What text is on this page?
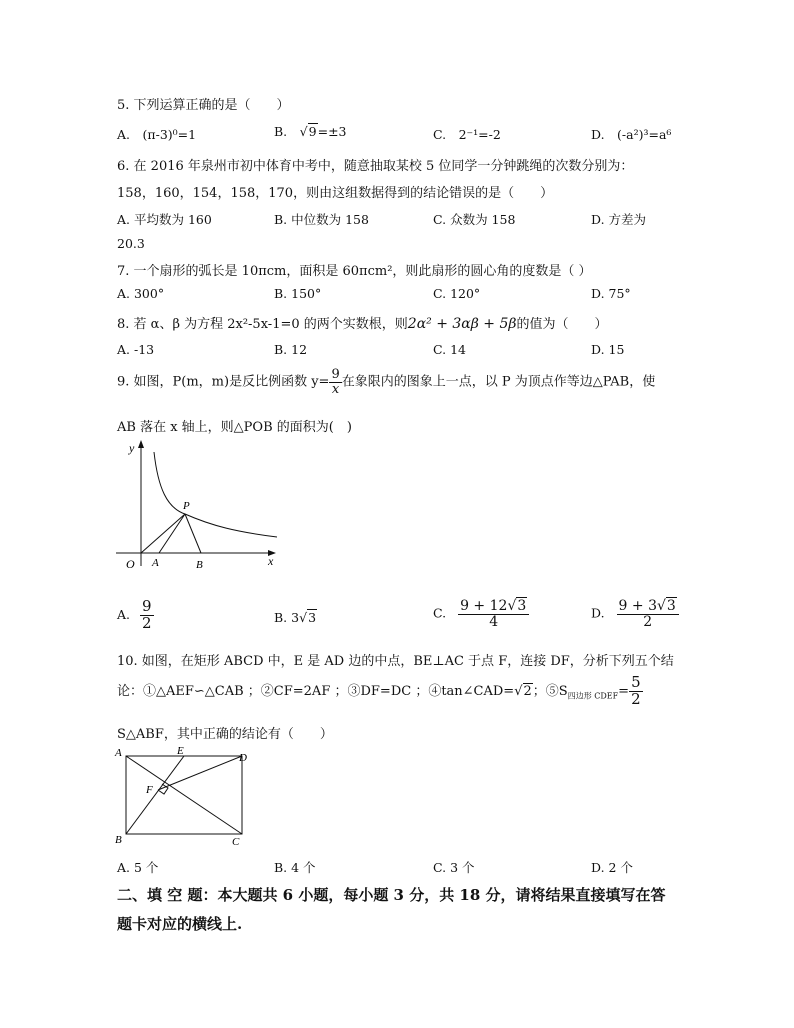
5. 下列运算正确的是（　　）
A.　(π-3)⁰=1	B.　√9=±3	C.　2⁻¹=-2	D.　(-a²)³=a⁶
6. 在 2016 年泉州市初中体育中考中，随意抽取某校 5 位同学一分钟跳绳的次数分别为：
158，160，154，158，170，则由这组数据得到的结论错误的是（　　）
A. 平均数为 160	B. 中位数为 158	C. 众数为 158	D. 方差为
20.3
7. 一个扇形的弧长是 10πcm，面积是 60πcm²，则此扇形的圆心角的度数是（ ）
A. 300°	B. 150°	C. 120°	D. 75°
8. 若 α、β 为方程 2x²-5x-1=0 的两个实数根，则2α² + 3αβ + 5β的值为（　　）
A. -13	B. 12	C. 14	D. 15
9. 如图，P(m，m)是反比例函数 $y= \frac{9}{x}$ 在象限内的图象上一点，以 P 为顶点作等边△PAB，使
AB 落在 x 轴上，则△POB 的面积为(　)
y
x
O A	B
P
A. $\frac{9}{2}$	B. 3√3	C. $\frac{9 + 12√3}{4}$	D. $\frac{9 + 3√3}{2}$
10. 如图，在矩形 ABCD 中，E 是 AD 边的中点，BE⊥AC 于点 F，连接 DF，分析下列五个结
论：①△AEF∽△CAB ；②CF=2AF ；③DF=DC ；④tan∠CAD=√2；$⑤S_{四边形 CDEF}= \frac{5}{2}$
S△ABF，其中正确的结论有（　　）
A	E
D
F
B	C
A. 5 个	B. 4 个	C. 3 个	D. 2 个
二、填 空 题：本大题共 6 小题，每小题 3 分，共 18 分，请将结果直接填写在答
题卡对应的横线上.
